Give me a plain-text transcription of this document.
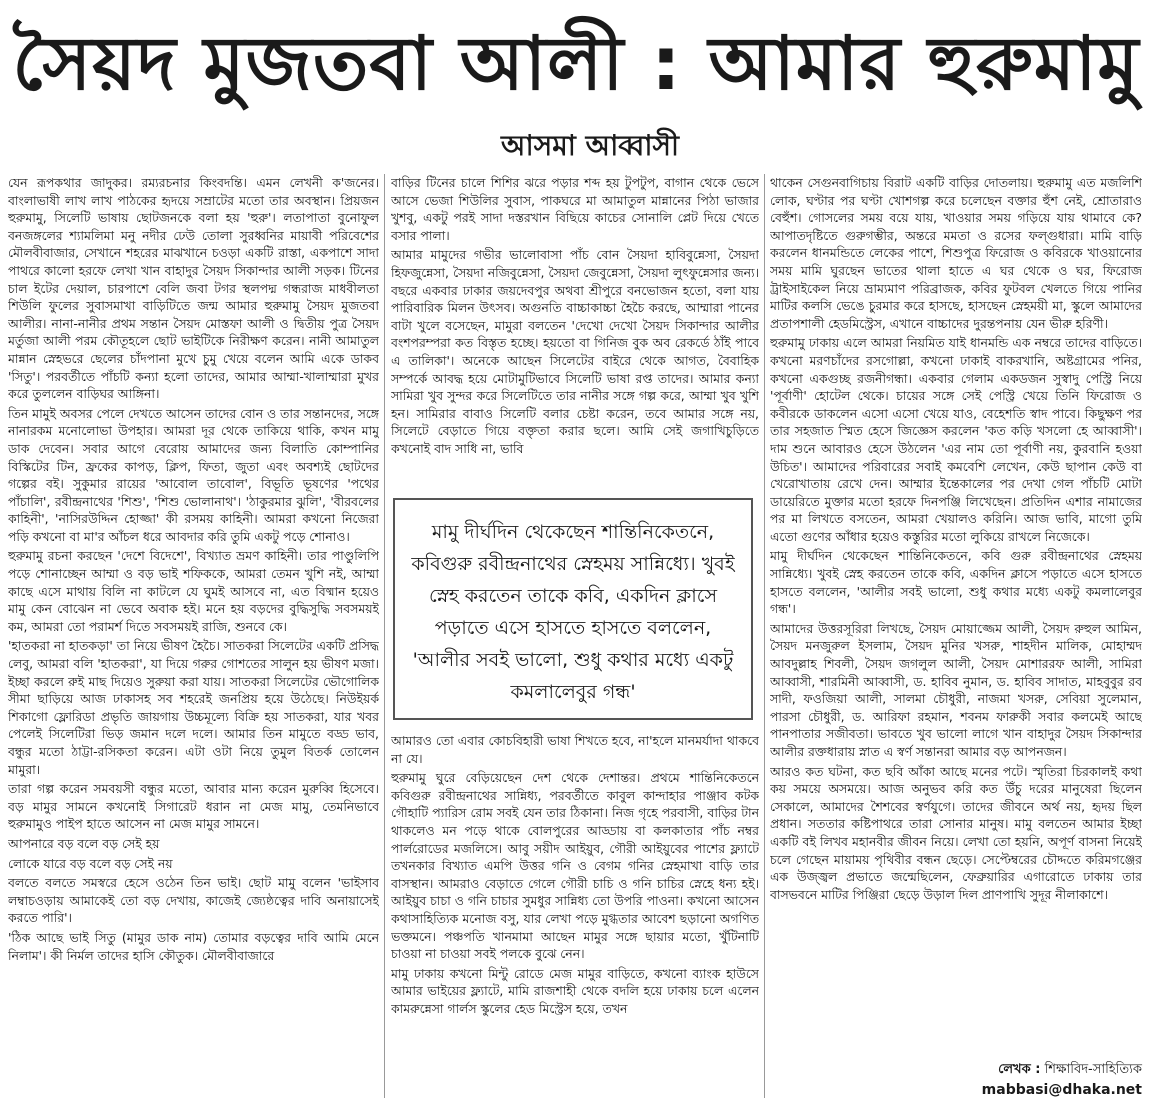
সৈয়দ মুজতবা আলী : আমার হুরুমামু
আসমা আব্বাসী

যেন রূপকথার জাদুকর। রম্যরচনার কিংবদন্তি। এমন লেখনী ক'জনের। বাংলাভাষী লাখ লাখ পাঠকের হৃদয়ে সম্রাটের মতো তার অবস্থান। প্রিয়জন হুরুমামু, সিলেটি ভাষায় ছোটজনকে বলা হয় 'হুরু'। লতাপাতা বুনোফুল বনজঙ্গলের শ্যামলিমা মনু নদীর ঢেউ তোলা সুরধ্বনির মায়াবী পরিবেশের মৌলবীবাজার, সেখানে শহরের মাঝখানে চওড়া একটি রাস্তা, একপাশে সাদা পাথরে কালো হরফে লেখা খান বাহাদুর সৈয়দ সিকান্দার আলী সড়ক। টিনের চাল ইটের দেয়াল, চারপাশে বেলি জবা টগর স্থলপদ্ম গন্ধরাজ মাধবীলতা শিউলি ফুলের সুবাসমাখা বাড়িটিতে জন্ম আমার হুরুমামু সৈয়দ মুজতবা আলীর। নানা-নানীর প্রথম সন্তান সৈয়দ মোস্তফা আলী ও দ্বিতীয় পুত্র সৈয়দ মর্তুজা আলী পরম কৌতূহলে ছোট ভাইটিকে নিরীক্ষণ করেন। নানী আমাতুল মান্নান স্নেহভরে ছেলের চাঁদপানা মুখে চুমু খেয়ে বলেন আমি একে ডাকব 'সিতু'। পরবর্তীতে পাঁচটি কন্যা হলো তাদের, আমার আম্মা-খালাম্মারা মুখর করে তুললেন বাড়িঘর আঙ্গিনা।

তিন মামুই অবসর পেলে দেখতে আসেন তাদের বোন ও তার সন্তানদের, সঙ্গে নানারকম মনোলোভা উপহার। আমরা দূর থেকে তাকিয়ে থাকি, কখন মামু ডাক দেবেন। সবার আগে বেরোয় আমাদের জন্য বিলাতি কোম্পানির বিস্কিটের টিন, ফ্রকের কাপড়, ক্লিপ, ফিতা, জুতা এবং অবশ্যই ছোটদের গল্পের বই। সুকুমার রায়ের 'আবোল তাবোল', বিভূতি ভূষণের 'পথের পাঁচালি', রবীন্দ্রনাথের 'শিশু', 'শিশু ভোলানাথ'। 'ঠাকুরমার ঝুলি', 'বীরবলের কাহিনী', 'নাসিরউদ্দিন হোজ্জা' কী রসময় কাহিনী। আমরা কখনো নিজেরা পড়ি কখনো বা মা'র আঁচল ধরে আবদার করি তুমি একটু পড়ে শোনাও।

হুরুমামু রচনা করছেন 'দেশে বিদেশে', বিখ্যাত ভ্রমণ কাহিনী। তার পাণ্ডুলিপি পড়ে শোনাচ্ছেন আম্মা ও বড় ভাই শফিককে, আমরা তেমন খুশি নই, আম্মা কাছে এসে মাথায় বিলি না কাটলে যে ঘুমই আসবে না, এত বিষ্মান হয়েও মামু কেন বোঝেন না ভেবে অবাক হই। মনে হয় বড়দের বুদ্ধিসুদ্ধি সবসময়ই কম, আমরা তো পরামর্শ দিতে সবসময়ই রাজি, শুনবে কে।

'হাতকরা না হাতকড়া' তা নিয়ে ভীষণ হৈচৈ। সাতকরা সিলেটের একটি প্রসিদ্ধ লেবু, আমরা বলি 'হাতকরা', যা দিয়ে গরুর গোশতের সালুন হয় ভীষণ মজা। ইচ্ছা করলে রুই মাছ দিয়েও সুরুয়া করা যায়। সাতকরা সিলেটের ভৌগোলিক সীমা ছাড়িয়ে আজ ঢাকাসহ সব শহরেই জনপ্রিয় হয়ে উঠেছে। নিউইয়র্ক শিকাগো ফ্লোরিডা প্রভৃতি জায়গায় উচ্চমূল্যে বিক্রি হয় সাতকরা, যার খবর পেলেই সিলেটিরা ভিড় জমান দলে দলে। আমার তিন মামুতে বড্ড ভাব, বন্ধুর মতো ঠাট্টা-রসিকতা করেন। এটা ওটা নিয়ে তুমুল বিতর্ক তোলেন মামুরা।

তারা গল্প করেন সমবয়সী বন্ধুর মতো, আবার মান্য করেন মুরুব্বি হিসেবে। বড় মামুর সামনে কখনোই সিগারেট ধরান না মেজ মামু, তেমনিভাবে হুরুমামুও পাইপ হাতে আসেন না মেজ মামুর সামনে।

আপনারে বড় বলে বড় সেই হয়

লোকে যারে বড় বলে বড় সেই নয়

বলতে বলতে সমস্বরে হেসে ওঠেন তিন ভাই। ছোট মামু বলেন 'ভাইসাব লম্বাচওড়ায় আমাকেই তো বড় দেখায়, কাজেই জ্যেষ্ঠত্বের দাবি অনায়াসেই করতে পারি'।

'ঠিক আছে ভাই সিতু (মামুর ডাক নাম) তোমার বড়ত্বের দাবি আমি মেনে নিলাম'। কী নির্মল তাদের হাসি কৌতুক। মৌলবীবাজারে

বাড়ির টিনের চালে শিশির ঝরে পড়ার শব্দ হয় টুপটুপ, বাগান থেকে ভেসে আসে ভেজা শিউলির সুবাস, পাকঘরে মা আমাতুল মান্নানের পিঠা ভাজার খুশবু, একটু পরই সাদা দস্তরখান বিছিয়ে কাচের সোনালি প্লেট দিয়ে খেতে বসার পালা।

আমার মামুদের গভীর ভালোবাসা পাঁচ বোন সৈয়দা হাবিবুন্নেসা, সৈয়দা হিফজুন্নেসা, সৈয়দা নজিবুন্নেসা, সৈয়দা জেবুন্নেসা, সৈয়দা লুৎফুন্নেসার জন্য। বছরে একবার ঢাকার জয়দেবপুর অথবা শ্রীপুরে বনভোজন হতো, বলা যায় পারিবারিক মিলন উৎসব। অগুনতি বাচ্চাকাচ্চা হৈচৈ করছে, আম্মারা পানের বাটা খুলে বসেছেন, মামুরা বলতেন 'দেখো দেখো সৈয়দ সিকান্দার আলীর বংশপরম্পরা কত বিস্তৃত হচ্ছে। হয়তো বা গিনিজ বুক অব রেকর্ডে ঠাঁই পাবে এ তালিকা'। অনেকে আছেন সিলেটের বাইরে থেকে আগত, বৈবাহিক সম্পর্কে আবদ্ধ হয়ে মোটামুটিভাবে সিলেটি ভাষা রপ্ত তাদের। আমার কন্যা সামিরা খুব সুন্দর করে সিলেটিতে তার নানীর সঙ্গে গল্প করে, আম্মা খুব খুশি হন। সামিরার বাবাও সিলেটি বলার চেষ্টা করেন, তবে আমার সঙ্গে নয়, সিলেটে বেড়াতে গিয়ে বক্তৃতা করার ছলে। আমি সেই জগাখিচুড়িতে কখনোই বাদ সাধি না, ভাবি

মামু দীর্ঘদিন থেকেছেন শান্তিনিকেতনে, কবিগুরু রবীন্দ্রনাথের স্নেহময় সান্নিধ্যে। খুবই স্নেহ করতেন তাকে কবি, একদিন ক্লাসে পড়াতে এসে হাসতে হাসতে বললেন, 'আলীর সবই ভালো, শুধু কথার মধ্যে একটু কমলালেবুর গন্ধ'

আমারও তো এবার কোচবিহারী ভাষা শিখতে হবে, না'হলে মানমর্যাদা থাকবে না যে।

হুরুমামু ঘুরে বেড়িয়েছেন দেশ থেকে দেশান্তর। প্রথমে শান্তিনিকেতনে কবিগুরু রবীন্দ্রনাথের সান্নিধ্য, পরবর্তীতে কাবুল কান্দাহার পাঞ্জাব কটক গৌহাটি প্যারিস রোম সবই যেন তার ঠিকানা। নিজ গৃহে পরবাসী, বাড়ির টান থাকলেও মন পড়ে থাকে বোলপুরের আড্ডায় বা কলকাতার পাঁচ নম্বর পার্লরোডের মজলিসে। আবু সয়ীদ আইয়ুব, গৌরী আইয়ুবের পাশের ফ্ল্যাটে তখনকার বিখ্যাত এমপি উত্তর গনি ও বেগম গনির স্নেহমাখা বাড়ি তার বাসস্থান। আমরাও বেড়াতে গেলে গৌরী চাচি ও গনি চাচির স্নেহে ধন্য হই। আইয়ুব চাচা ও গনি চাচার সুমধুর সান্নিধ্য তো উপরি পাওনা। কখনো আসেন কথাসাহিত্যিক মনোজ বসু, যার লেখা পড়ে মুগ্ধতার আবেশ ছড়ানো অগণিত ভক্তমনে। পঞ্চপতি খানমামা আছেন মামুর সঙ্গে ছায়ার মতো, খুঁটিনাটি চাওয়া না চাওয়া সবই পলকে বুঝে নেন।

মামু ঢাকায় কখনো মিন্টু রোডে মেজ মামুর বাড়িতে, কখনো ব্যাংক হাউসে আমার ভাইয়ের ফ্ল্যাটে, মামি রাজশাহী থেকে বদলি হয়ে ঢাকায় চলে এলেন কামরুন্নেসা গার্লস স্কুলের হেড মিস্ট্রেস হয়ে, তখন

থাকেন সেগুনবাগিচায় বিরাট একটি বাড়ির দোতলায়। হুরুমামু এত মজলিশি লোক, ঘণ্টার পর ঘণ্টা খোশগল্প করে চলেছেন বক্তার হুঁশ নেই, শ্রোতারাও বেহুঁশ। গোসলের সময় বয়ে যায়, খাওয়ার সময় গড়িয়ে যায় থামাবে কে? আপাতদৃষ্টিতে গুরুগম্ভীর, অন্তরে মমতা ও রসের ফল্গুধারা। মামি বাড়ি করলেন ধানমন্ডিতে লেকের পাশে, শিশুপুত্র ফিরোজ ও কবিরকে খাওয়ানোর সময় মামি ঘুরছেন ভাতের থালা হাতে এ ঘর থেকে ও ঘর, ফিরোজ ট্রাইসাইকেল নিয়ে ভ্রাম্যমাণ পরিব্রাজক, কবির ফুটবল খেলতে গিয়ে পানির মাটির কলসি ভেঙে চুরমার করে হাসছে, হাসছেন স্নেহময়ী মা, স্কুলে আমাদের প্রতাপশালী হেডমিস্ট্রেস, এখানে বাচ্চাদের দুরন্তপনায় যেন ভীরু হরিণী।

হুরুমামু ঢাকায় এলে আমরা নিয়মিত যাই ধানমন্ডি এক নম্বরে তাদের বাড়িতে। কখনো মরণচাঁদের রসগোল্লা, কখনো ঢাকাই বাকরখানি, অষ্টগ্রামের পনির, কখনো একগুচ্ছ রজনীগন্ধা। একবার গেলাম একডজন সুস্বাদু পেস্ট্রি নিয়ে 'পূর্বাণী' হোটেল থেকে। চায়ের সঙ্গে সেই পেস্ট্রি খেয়ে তিনি ফিরোজ ও কবীরকে ডাকলেন এসো এসো খেয়ে যাও, বেহেশতি স্বাদ পাবে। কিছুক্ষণ পর তার সহজাত স্মিত হেসে জিজ্ঞেস করলেন 'কত কড়ি খসলো হে আব্বাসী'। দাম শুনে আবারও হেসে উঠলেন 'এর নাম তো পূর্বাণী নয়, কুরবানি হওয়া উচিত'। আমাদের পরিবারের সবাই কমবেশি লেখেন, কেউ ছাপান কেউ বা খেরোখাতায় রেখে দেন। আম্মার ইন্তেকালের পর দেখা গেল পাঁচটি মোটা ডায়েরিতে মুক্তার মতো হরফে দিনপঞ্জি লিখেছেন। প্রতিদিন এশার নামাজের পর মা লিখতে বসতেন, আমরা খেয়ালও করিনি। আজ ভাবি, মাগো তুমি এতো গুণের আঁধার হয়েও কস্তুরির মতো লুকিয়ে রাখলে নিজেকে।

মামু দীর্ঘদিন থেকেছেন শান্তিনিকেতনে, কবি গুরু রবীন্দ্রনাথের স্নেহময় সান্নিধ্যে। খুবই স্নেহ করতেন তাকে কবি, একদিন ক্লাসে পড়াতে এসে হাসতে হাসতে বললেন, 'আলীর সবই ভালো, শুধু কথার মধ্যে একটু কমলালেবুর গন্ধ'।

আমাদের উত্তরসূরিরা লিখছে, সৈয়দ মোয়াজ্জেম আলী, সৈয়দ রুহুল আমিন, সৈয়দ মনজুরুল ইসলাম, সৈয়দ মুনির খসরু, শাহদীন মালিক, মোহাম্মদ আবদুল্লাহ শিবলী, সৈয়দ জগলুল আলী, সৈয়দ মোশাররফ আলী, সামিরা আব্বাসী, শারমিনী আব্বাসী, ড. হাবিব নুমান, ড. হাবিব সাদাত, মাহবুবুর রব সাদী, ফওজিয়া আলী, সালমা চৌধুরী, নাজমা খসরু, সেবিয়া সুলেমান, পারসা চৌধুরী, ড. আরিফা রহমান, শবনম ফারুকী সবার কলমেই আছে পানপাতার সজীবতা। ভাবতে খুব ভালো লাগে খান বাহাদুর সৈয়দ সিকান্দার আলীর রক্তধারায় স্নাত এ স্বর্ণ সন্তানরা আমার বড় আপনজন।

আরও কত ঘটনা, কত ছবি আঁকা আছে মনের পটে। স্মৃতিরা চিরকালই কথা কয় সময়ে অসময়ে। আজ অনুভব করি কত উঁচু দরের মানুষেরা ছিলেন সেকালে, আমাদের শৈশবের স্বর্ণযুগে। তাদের জীবনে অর্থ নয়, হৃদয় ছিল প্রধান। সততার কষ্টিপাথরে তারা সোনার মানুষ। মামু বলতেন আমার ইচ্ছা একটি বই লিখব মহানবীর জীবন নিয়ে। লেখা তো হয়নি, অপূর্ণ বাসনা নিয়েই চলে গেছেন মায়াময় পৃথিবীর বন্ধন ছেড়ে। সেপ্টেম্বরের চৌদ্দতে করিমগঞ্জের এক উজ্জ্বল প্রভাতে জন্মেছিলেন, ফেব্রুয়ারির এগারোতে ঢাকায় তার বাসভবনে মাটির পিঞ্জিরা ছেড়ে উড়াল দিল প্রাণপাখি সুদূর নীলাকাশে।

লেখক : শিক্ষাবিদ-সাহিত্যিক
mabbasi@dhaka.net
